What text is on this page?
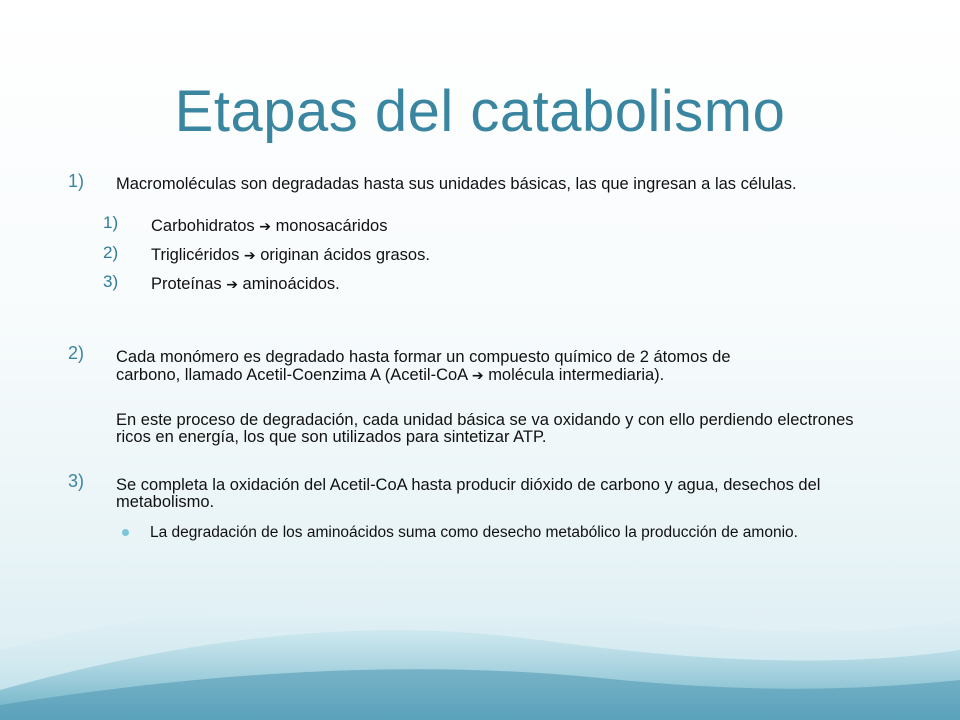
Etapas del catabolismo
1) Macromoléculas son degradadas hasta sus unidades básicas, las que ingresan a las células.
1) Carbohidratos ➔ monosacáridos
2) Triglicéridos ➔ originan ácidos grasos.
3) Proteínas ➔ aminoácidos.
2) Cada monómero es degradado hasta formar un compuesto químico de 2 átomos de
carbono, llamado Acetil-Coenzima A (Acetil-CoA ➔ molécula intermediaria).
En este proceso de degradación, cada unidad básica se va oxidando y con ello perdiendo electrones ricos en energía, los que son utilizados para sintetizar ATP.
3) Se completa la oxidación del Acetil-CoA hasta producir dióxido de carbono y agua, desechos del metabolismo.
La degradación de los aminoácidos suma como desecho metabólico la producción de amonio.
